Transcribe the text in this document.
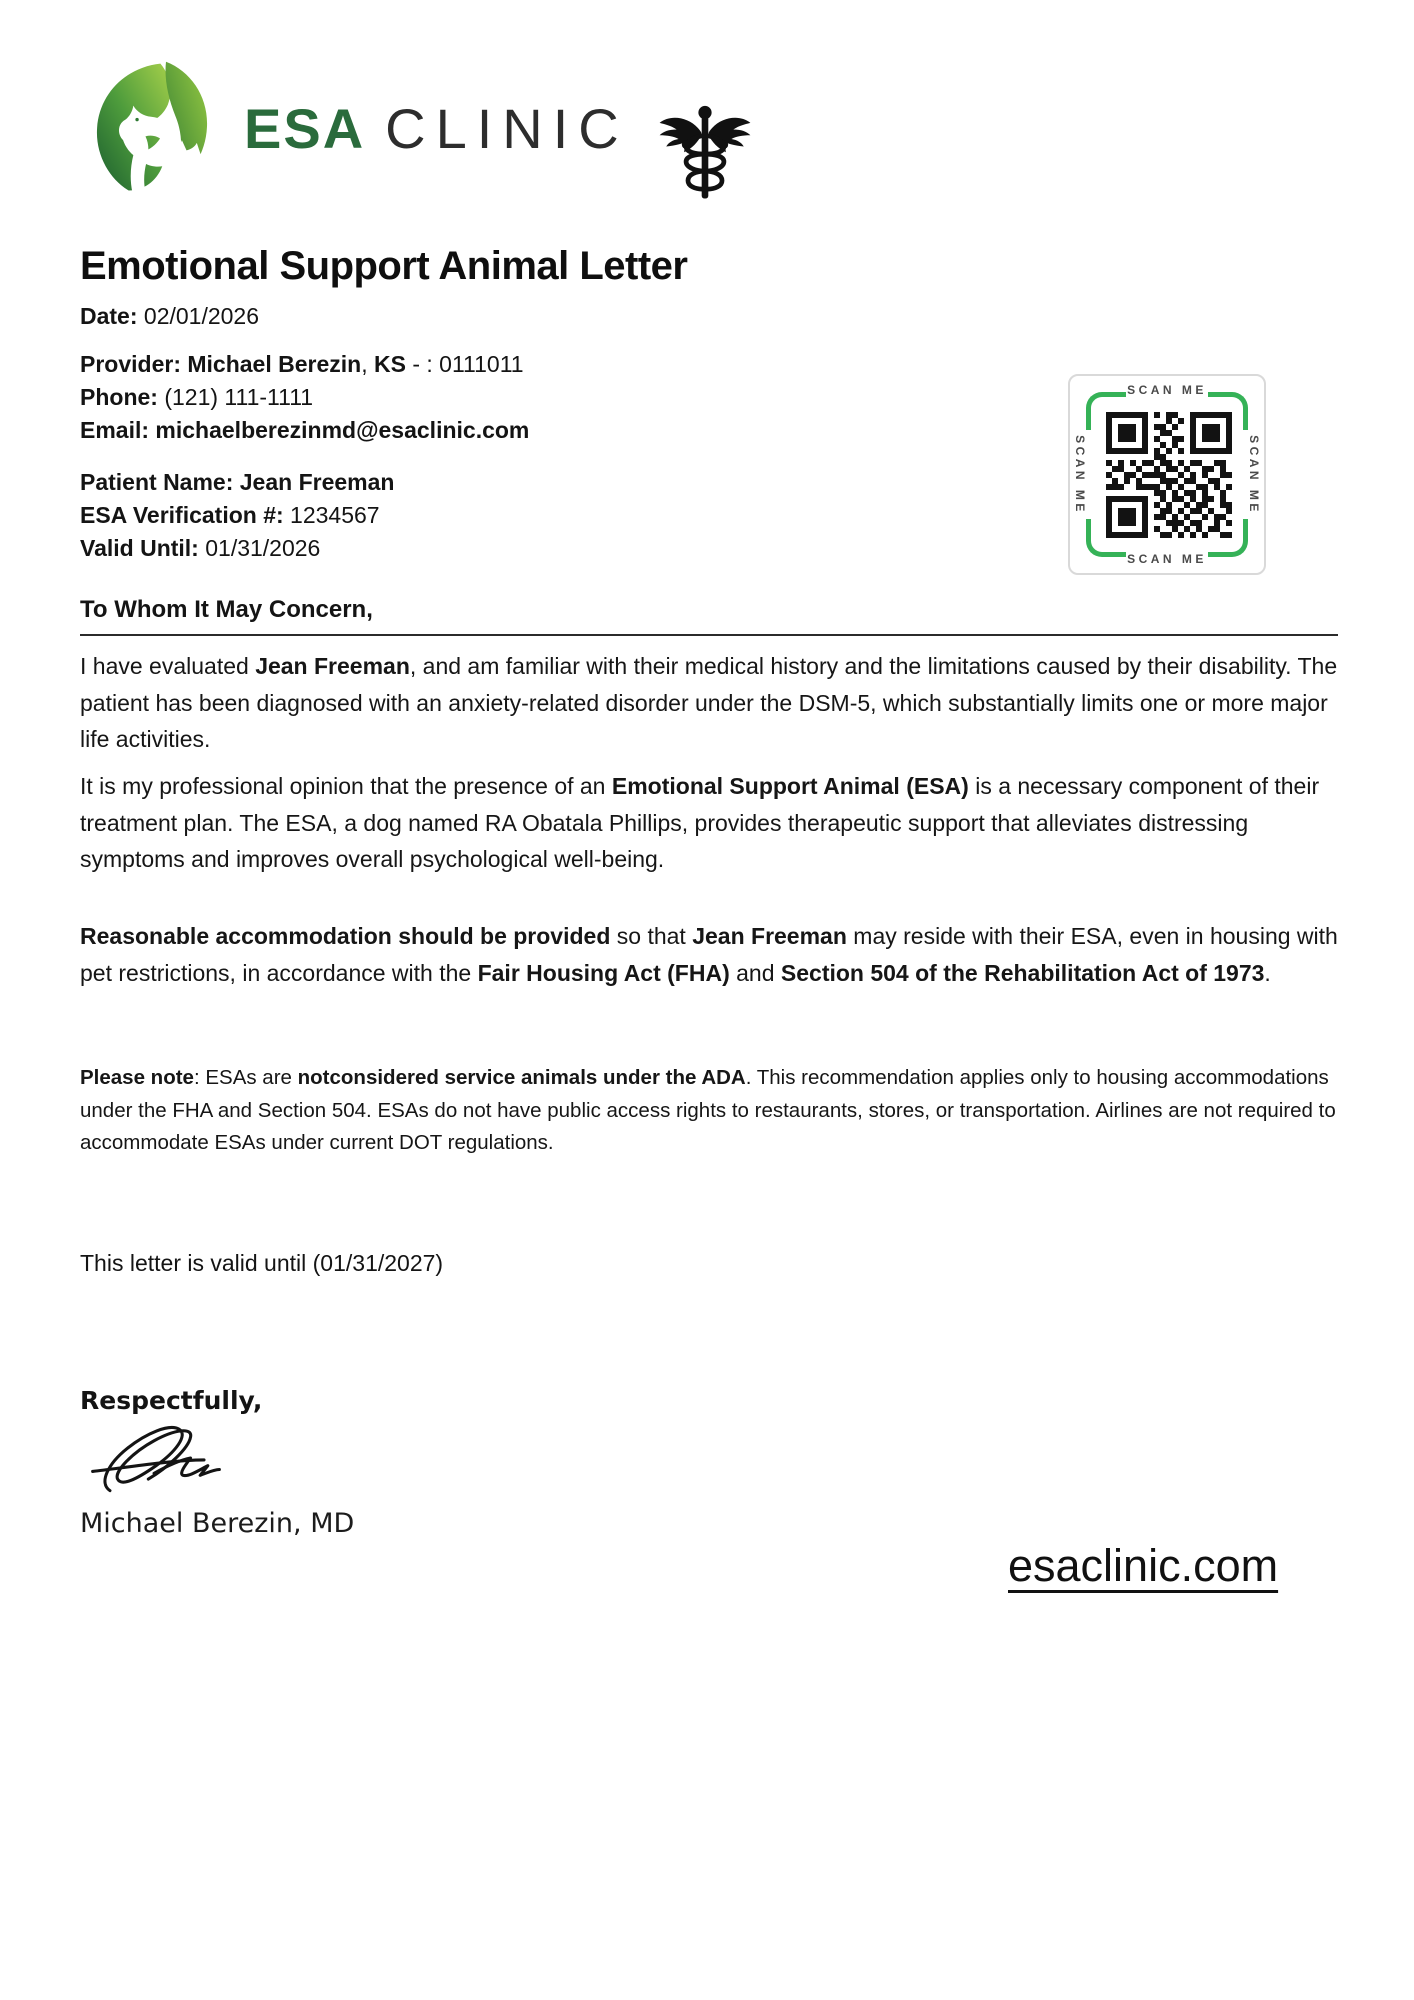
ESA CLINIC
SCAN ME
SCAN ME
SCAN ME	SCAN ME
Emotional Support Animal Letter

Date: 02/01/2026

Provider: Michael Berezin, KS - : 0111011

Phone: (121) 111-1111

Email: michaelberezinmd@esaclinic.com

Patient Name: Jean Freeman

ESA Verification #: 1234567

Valid Until: 01/31/2026

To Whom It May Concern,

I have evaluated Jean Freeman, and am familiar with their medical history and the limitations caused by their disability. The patient has been diagnosed with an anxiety-related disorder under the DSM-5, which substantially limits one or more major life activities.

It is my professional opinion that the presence of an Emotional Support Animal (ESA) is a necessary component of their treatment plan. The ESA, a dog named RA Obatala Phillips, provides therapeutic support that alleviates distressing symptoms and improves overall psychological well-being.

Reasonable accommodation should be provided so that Jean Freeman may reside with their ESA, even in housing with pet restrictions, in accordance with the Fair Housing Act (FHA) and Section 504 of the Rehabilitation Act of 1973.

Please note: ESAs are notconsidered service animals under the ADA. This recommendation applies only to housing accommodations under the FHA and Section 504. ESAs do not have public access rights to restaurants, stores, or transportation. Airlines are not required to accommodate ESAs under current DOT regulations.

This letter is valid until (01/31/2027)

Respectfully,

Michael Berezin, MD

esaclinic.com
